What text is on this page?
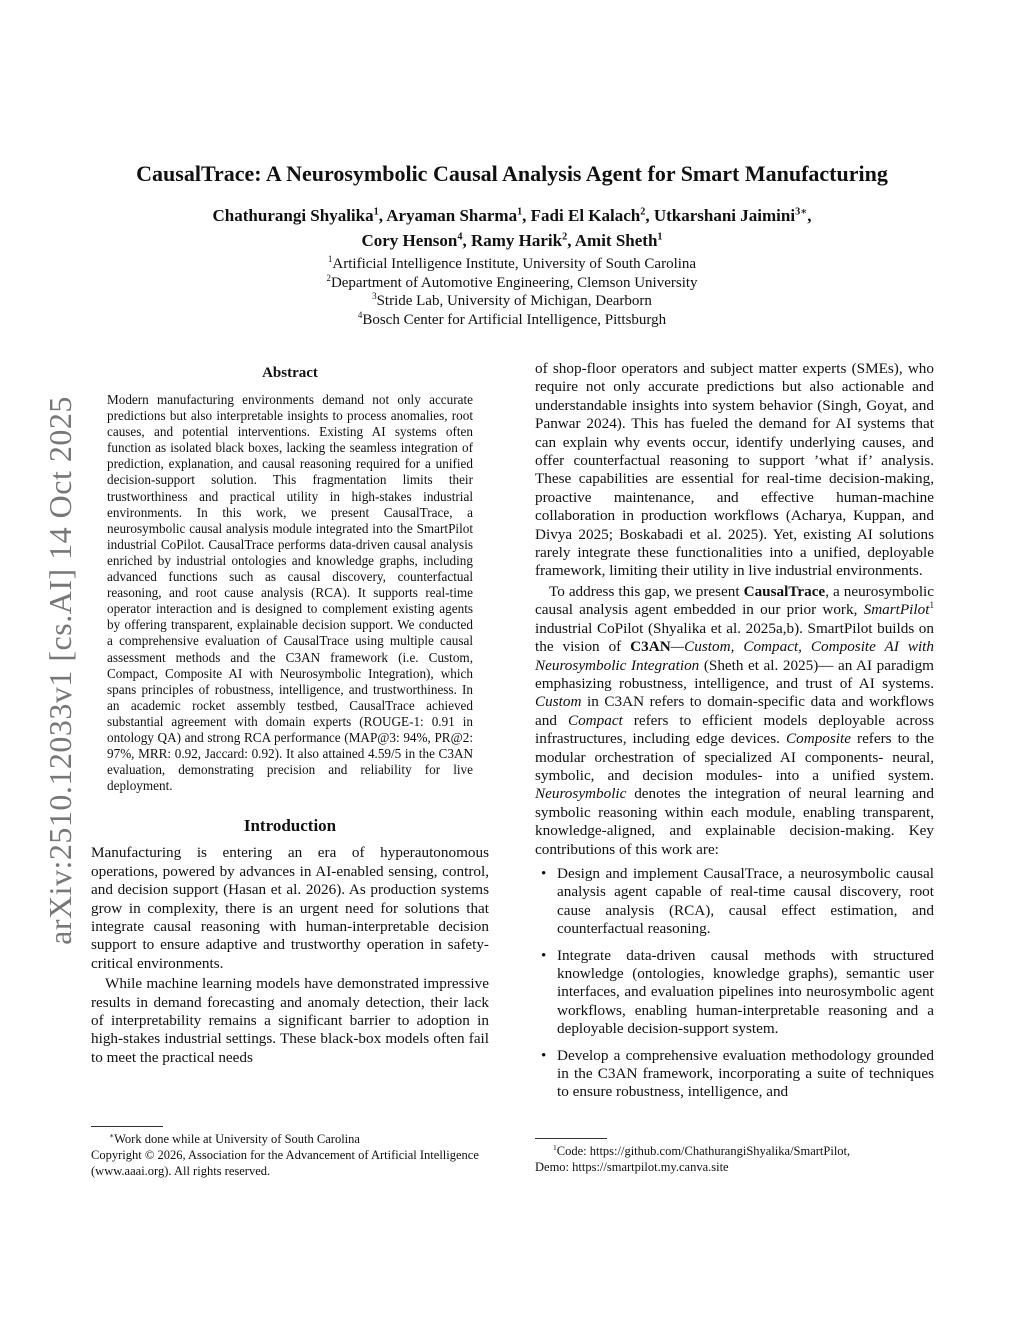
arXiv:2510.12033v1 [cs.AI] 14 Oct 2025
CausalTrace: A Neurosymbolic Causal Analysis Agent for Smart Manufacturing
Chathurangi Shyalika$^1$, Aryaman Sharma$^1$, Fadi El Kalach$^2$, Utkarshani Jaimini$^{3∗}$,
Cory Henson$^4$, Ramy Harik$^2$, Amit Sheth$^1$
$^1$Artificial Intelligence Institute, University of South Carolina
$^2$Department of Automotive Engineering, Clemson University
$^3$Stride Lab, University of Michigan, Dearborn
$^4$Bosch Center for Artificial Intelligence, Pittsburgh
Abstract

Modern manufacturing environments demand not only accurate predictions but also interpretable insights to process anomalies, root causes, and potential interventions. Existing AI systems often function as isolated black boxes, lacking the seamless integration of prediction, explanation, and causal reasoning required for a unified decision-support solution. This fragmentation limits their trustworthiness and practical utility in high-stakes industrial environments. In this work, we present CausalTrace, a neurosymbolic causal analysis module integrated into the SmartPilot industrial CoPilot. CausalTrace performs data-driven causal analysis enriched by industrial ontologies and knowledge graphs, including advanced functions such as causal discovery, counterfactual reasoning, and root cause analysis (RCA). It supports real-time operator interaction and is designed to complement existing agents by offering transparent, explainable decision support. We conducted a comprehensive evaluation of CausalTrace using multiple causal assessment methods and the C3AN framework (i.e. Custom, Compact, Composite AI with Neurosymbolic Integration), which spans principles of robustness, intelligence, and trustworthiness. In an academic rocket assembly testbed, CausalTrace achieved substantial agreement with domain experts (ROUGE-1: 0.91 in ontology QA) and strong RCA performance (MAP@3: 94%, PR@2: 97%, MRR: 0.92, Jaccard: 0.92). It also attained 4.59/5 in the C3AN evaluation, demonstrating precision and reliability for live deployment.

Introduction

Manufacturing is entering an era of hyperautonomous operations, powered by advances in AI-enabled sensing, control, and decision support (Hasan et al. 2026). As production systems grow in complexity, there is an urgent need for solutions that integrate causal reasoning with human-interpretable decision support to ensure adaptive and trustworthy operation in safety-critical environments.

While machine learning models have demonstrated impressive results in demand forecasting and anomaly detection, their lack of interpretability remains a significant barrier to adoption in high-stakes industrial settings. These black-box models often fail to meet the practical needs

of shop-floor operators and subject matter experts (SMEs), who require not only accurate predictions but also actionable and understandable insights into system behavior (Singh, Goyat, and Panwar 2024). This has fueled the demand for AI systems that can explain why events occur, identify underlying causes, and offer counterfactual reasoning to support ’what if’ analysis. These capabilities are essential for real-time decision-making, proactive maintenance, and effective human-machine collaboration in production workflows (Acharya, Kuppan, and Divya 2025; Boskabadi et al. 2025). Yet, existing AI solutions rarely integrate these functionalities into a unified, deployable framework, limiting their utility in live industrial environments.

To address this gap, we present CausalTrace, a neurosymbolic causal analysis agent embedded in our prior work, SmartPilot$^1$ industrial CoPilot (Shyalika et al. 2025a,b). SmartPilot builds on the vision of C3AN—Custom, Compact, Composite AI with Neurosymbolic Integration (Sheth et al. 2025)— an AI paradigm emphasizing robustness, intelligence, and trust of AI systems. Custom in C3AN refers to domain-specific data and workflows and Compact refers to efficient models deployable across infrastructures, including edge devices. Composite refers to the modular orchestration of specialized AI components- neural, symbolic, and decision modules- into a unified system. Neurosymbolic denotes the integration of neural learning and symbolic reasoning within each module, enabling transparent, knowledge-aligned, and explainable decision-making. Key contributions of this work are:

• Design and implement CausalTrace, a neurosymbolic causal analysis agent capable of real-time causal discovery, root cause analysis (RCA), causal effect estimation, and counterfactual reasoning.
• Integrate data-driven causal methods with structured knowledge (ontologies, knowledge graphs), semantic user interfaces, and evaluation pipelines into neurosymbolic agent workflows, enabling human-interpretable reasoning and a deployable decision-support system.
• Develop a comprehensive evaluation methodology grounded in the C3AN framework, incorporating a suite of techniques to ensure robustness, intelligence, and

∗Work done while at University of South Carolina

Copyright © 2026, Association for the Advancement of Artificial Intelligence (www.aaai.org). All rights reserved.

$^1$Code: https://github.com/ChathurangiShyalika/SmartPilot,

Demo: https://smartpilot.my.canva.site
